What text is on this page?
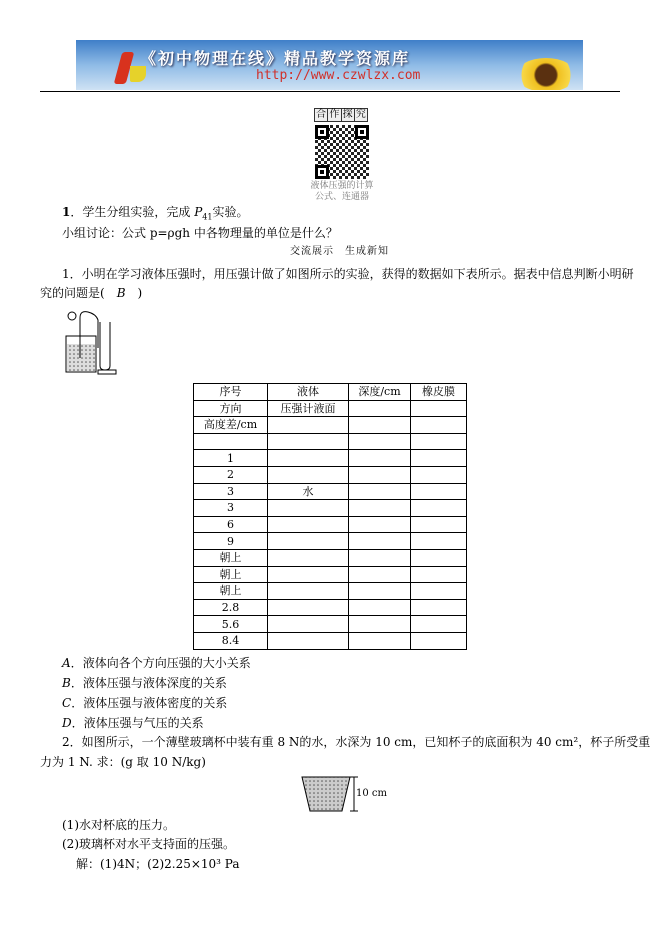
《初中物理在线》精品教学资源库
http://www.czwlzx.com
合 作 探 究
液体压强的计算
公式、连通器
1．学生分组实验，完成 $P_{41}$实验。
小组讨论：公式 p=ρgh 中各物理量的单位是什么？
交流展示　生成新知
1．小明在学习液体压强时，用压强计做了如图所示的实验，获得的数据如下表所示。据表中信息判断小明研
究的问题是(　B　)
序号	液体	深度/cm	橡皮膜
方向	压强计液面		
高度差/cm			

1			
2			
3	水		
3			
6			
9			
朝上			
朝上			
朝上			
2.8			
5.6			
8.4			
A．液体向各个方向压强的大小关系
B．液体压强与液体深度的关系
C．液体压强与液体密度的关系
D．液体压强与气压的关系
2．如图所示，一个薄壁玻璃杯中装有重 8 N的水，水深为 10 cm，已知杯子的底面积为 40 cm²，杯子所受重
力为 1 N. 求：(g 取 10 N/kg)
10 cm
(1)水对杯底的压力。
(2)玻璃杯对水平支持面的压强。
解：(1)4N；(2)2.25×10³ Pa
